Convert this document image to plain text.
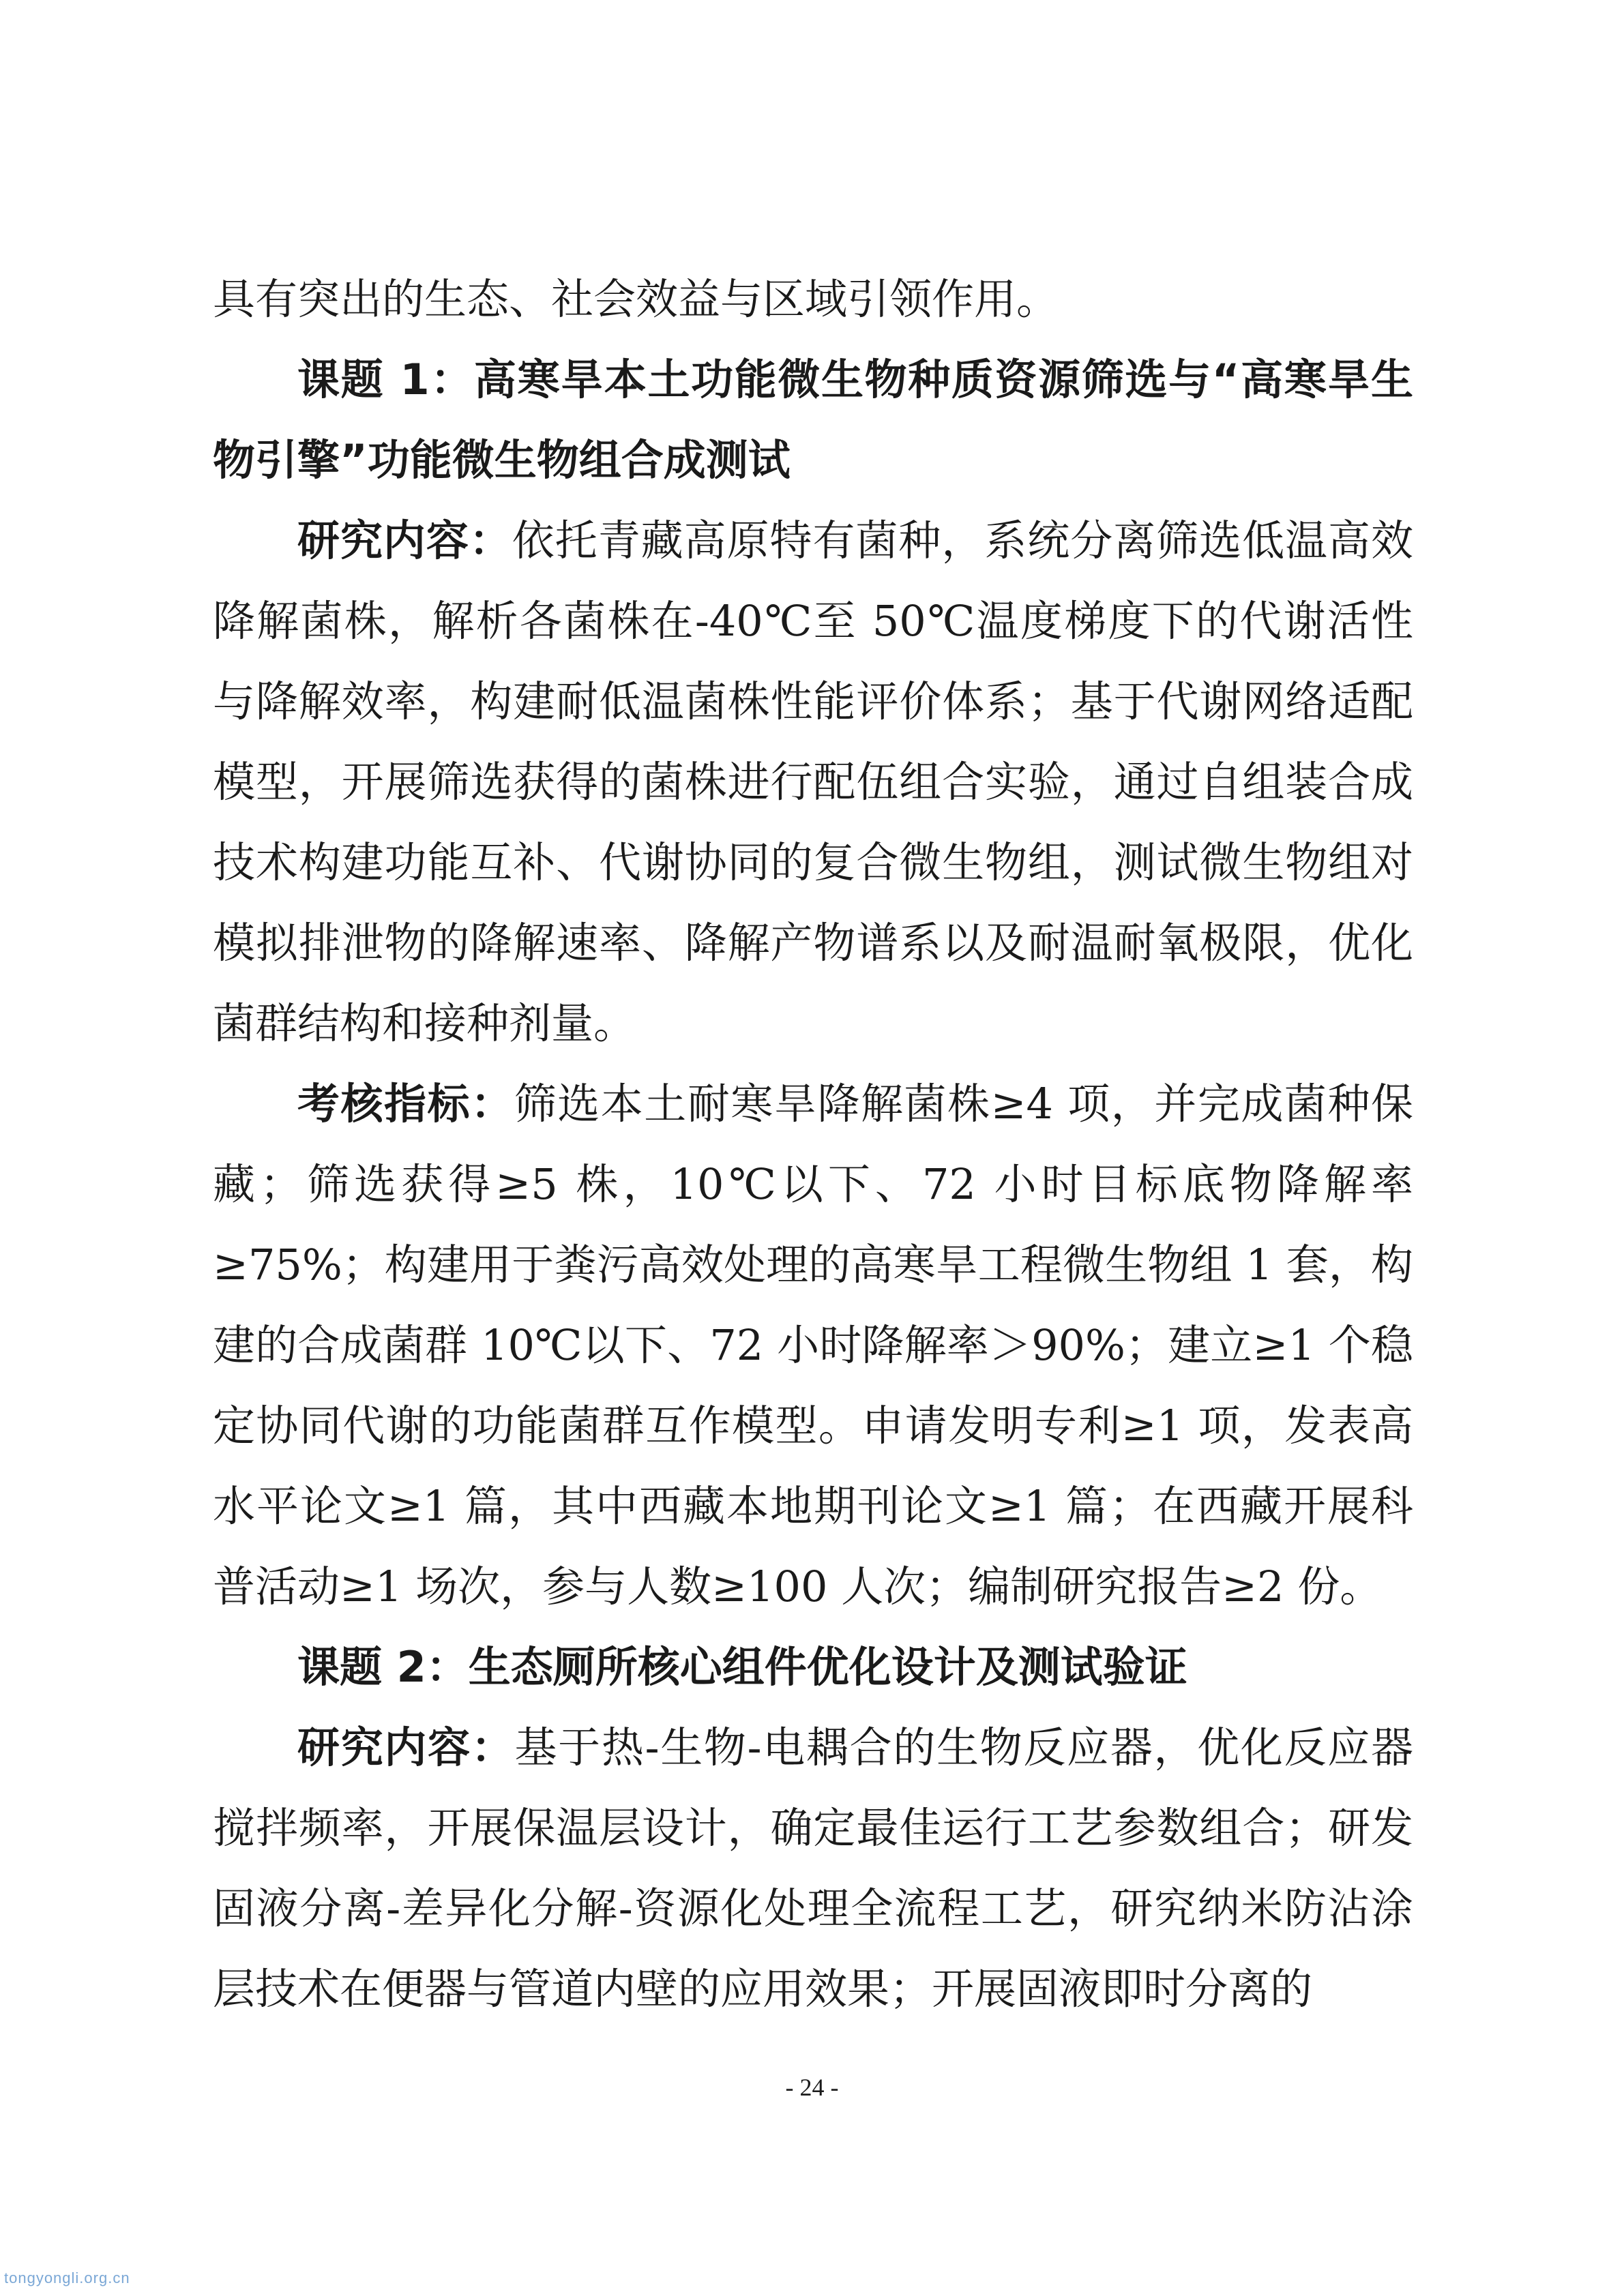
具有突出的生态、社会效益与区域引领作用。

课题 1：高寒旱本土功能微生物种质资源筛选与“高寒旱生物引擎”功能微生物组合成测试

研究内容：依托青藏高原特有菌种，系统分离筛选低温高效降解菌株，解析各菌株在-40℃至 50℃温度梯度下的代谢活性与降解效率，构建耐低温菌株性能评价体系；基于代谢网络适配模型，开展筛选获得的菌株进行配伍组合实验，通过自组装合成技术构建功能互补、代谢协同的复合微生物组，测试微生物组对模拟排泄物的降解速率、降解产物谱系以及耐温耐氧极限，优化菌群结构和接种剂量。

考核指标：筛选本土耐寒旱降解菌株≥4 项，并完成菌种保藏；筛选获得≥5 株，10℃以下、72 小时目标底物降解率≥75%；构建用于粪污高效处理的高寒旱工程微生物组 1 套，构建的合成菌群 10℃以下、72 小时降解率＞90%；建立≥1 个稳定协同代谢的功能菌群互作模型。申请发明专利≥1 项，发表高水平论文≥1 篇，其中西藏本地期刊论文≥1 篇；在西藏开展科普活动≥1 场次，参与人数≥100 人次；编制研究报告≥2 份。

课题 2：生态厕所核心组件优化设计及测试验证

研究内容：基于热-生物-电耦合的生物反应器，优化反应器搅拌频率，开展保温层设计，确定最佳运行工艺参数组合；研发固液分离-差异化分解-资源化处理全流程工艺，研究纳米防沾涂层技术在便器与管道内壁的应用效果；开展固液即时分离的

- 24 -
tongyongli.org.cn
